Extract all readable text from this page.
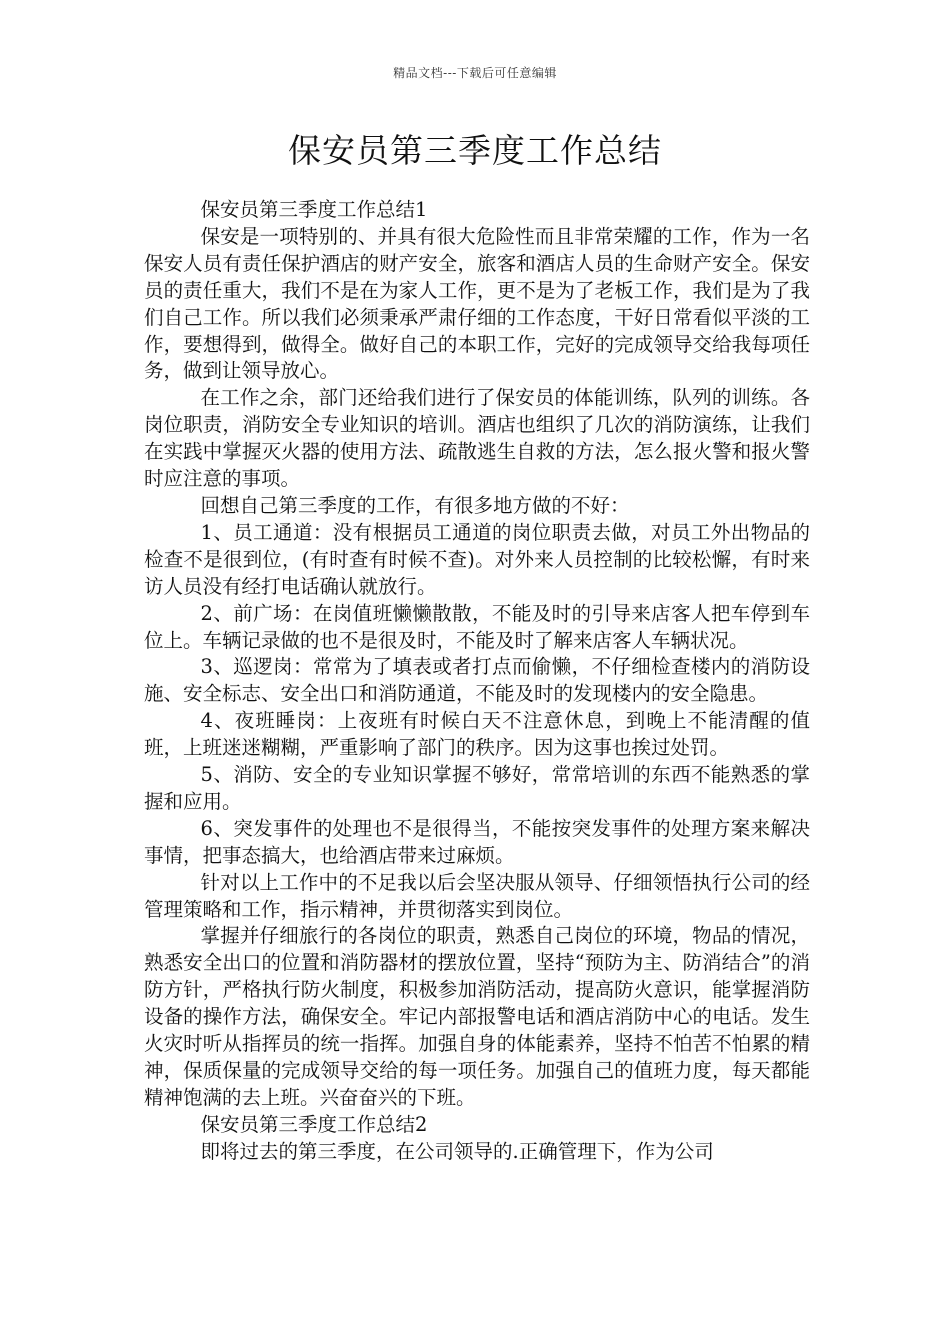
精品文档---下载后可任意编辑
保安员第三季度工作总结

保安员第三季度工作总结1

保安是一项特别的、并具有很大危险性而且非常荣耀的工作，作为一名保安人员有责任保护酒店的财产安全，旅客和酒店人员的生命财产安全。保安员的责任重大，我们不是在为家人工作，更不是为了老板工作，我们是为了我们自己工作。所以我们必须秉承严肃仔细的工作态度，干好日常看似平淡的工作，要想得到，做得全。做好自己的本职工作，完好的完成领导交给我每项任务，做到让领导放心。

在工作之余，部门还给我们进行了保安员的体能训练，队列的训练。各岗位职责，消防安全专业知识的培训。酒店也组织了几次的消防演练，让我们在实践中掌握灭火器的使用方法、疏散逃生自救的方法，怎么报火警和报火警时应注意的事项。

回想自己第三季度的工作，有很多地方做的不好：

1、员工通道：没有根据员工通道的岗位职责去做，对员工外出物品的检查不是很到位，(有时查有时候不查)。对外来人员控制的比较松懈，有时来访人员没有经打电话确认就放行。

2、前广场：在岗值班懒懒散散，不能及时的引导来店客人把车停到车位上。车辆记录做的也不是很及时，不能及时了解来店客人车辆状况。

3、巡逻岗：常常为了填表或者打点而偷懒，不仔细检查楼内的消防设施、安全标志、安全出口和消防通道，不能及时的发现楼内的安全隐患。

4、夜班睡岗：上夜班有时候白天不注意休息，到晚上不能清醒的值班，上班迷迷糊糊，严重影响了部门的秩序。因为这事也挨过处罚。

5、消防、安全的专业知识掌握不够好，常常培训的东西不能熟悉的掌握和应用。

6、突发事件的处理也不是很得当，不能按突发事件的处理方案来解决事情，把事态搞大，也给酒店带来过麻烦。

针对以上工作中的不足我以后会坚决服从领导、仔细领悟执行公司的经管理策略和工作，指示精神，并贯彻落实到岗位。

掌握并仔细旅行的各岗位的职责，熟悉自己岗位的环境，物品的情况，熟悉安全出口的位置和消防器材的摆放位置，坚持“预防为主、防消结合”的消防方针，严格执行防火制度，积极参加消防活动，提高防火意识，能掌握消防设备的操作方法，确保安全。牢记内部报警电话和酒店消防中心的电话。发生火灾时听从指挥员的统一指挥。加强自身的体能素养，坚持不怕苦不怕累的精神，保质保量的完成领导交给的每一项任务。加强自己的值班力度，每天都能精神饱满的去上班。兴奋奋兴的下班。

保安员第三季度工作总结2

即将过去的第三季度，在公司领导的.正确管理下，作为公司
